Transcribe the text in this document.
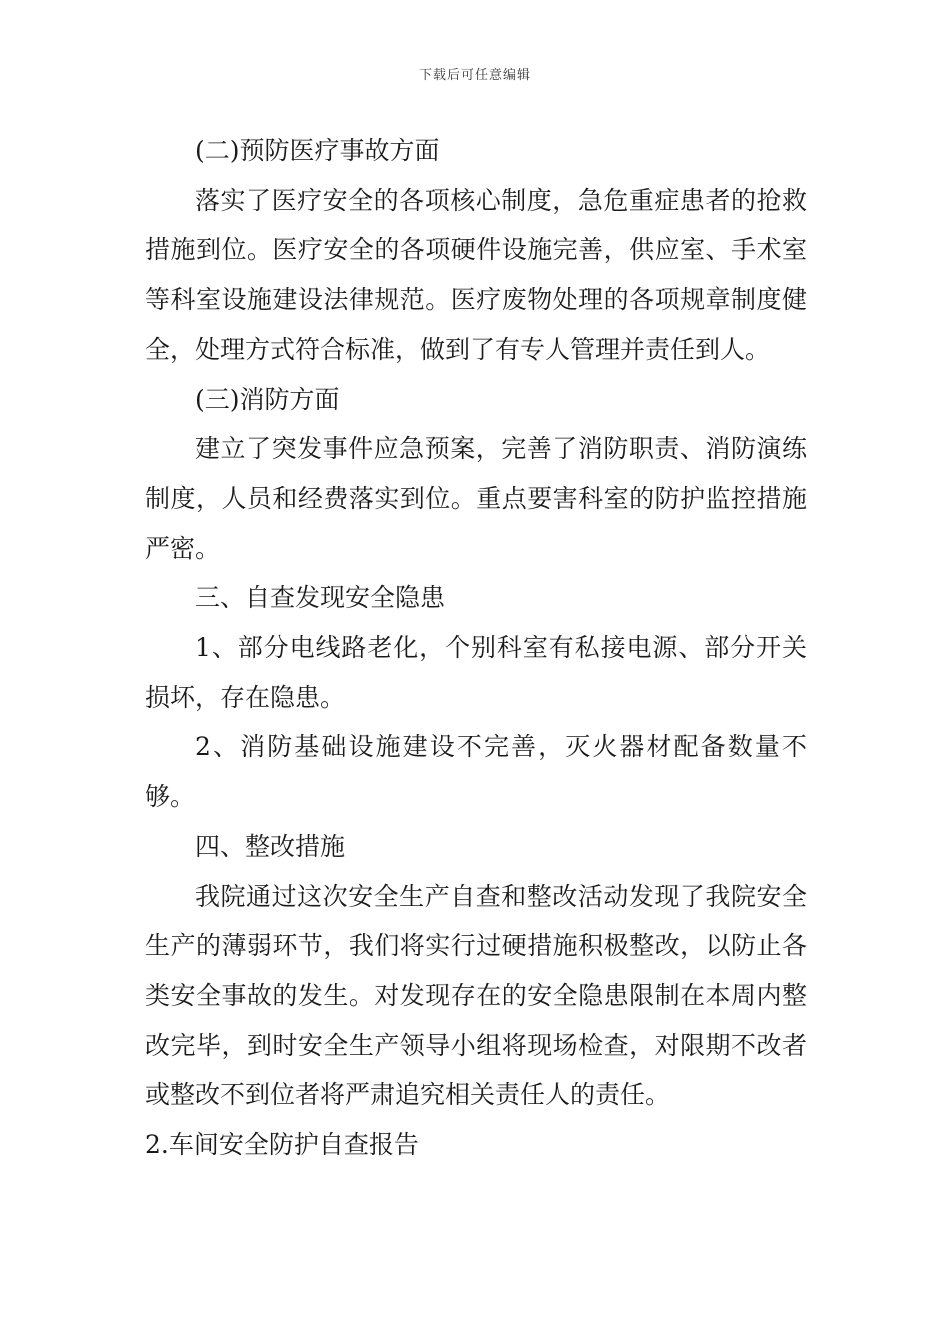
下载后可任意编辑

(二)预防医疗事故方面

落实了医疗安全的各项核心制度，急危重症患者的抢救措施到位。医疗安全的各项硬件设施完善，供应室、手术室等科室设施建设法律规范。医疗废物处理的各项规章制度健全，处理方式符合标准，做到了有专人管理并责任到人。

(三)消防方面

建立了突发事件应急预案，完善了消防职责、消防演练制度，人员和经费落实到位。重点要害科室的防护监控措施严密。

三、自查发现安全隐患

1、部分电线路老化，个别科室有私接电源、部分开关损坏，存在隐患。

2、消防基础设施建设不完善，灭火器材配备数量不够。

四、整改措施

我院通过这次安全生产自查和整改活动发现了我院安全生产的薄弱环节，我们将实行过硬措施积极整改，以防止各类安全事故的发生。对发现存在的安全隐患限制在本周内整改完毕，到时安全生产领导小组将现场检查，对限期不改者或整改不到位者将严肃追究相关责任人的责任。

2.车间安全防护自查报告
